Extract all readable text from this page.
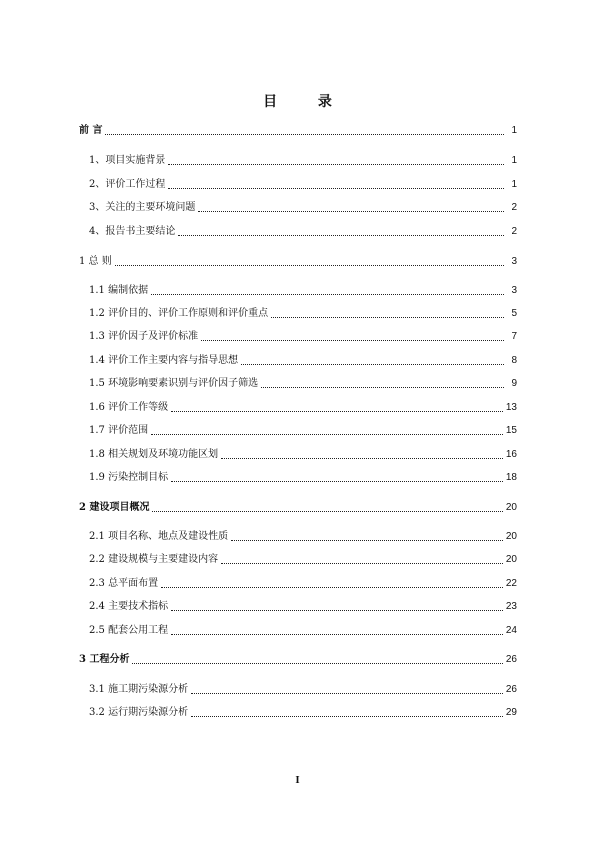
目 录
前 言	1
1、项目实施背景	1
2、评价工作过程	1
3、关注的主要环境问题	2
4、报告书主要结论	2
1 总 则	3
1.1 编制依据	3
1.2 评价目的、评价工作原则和评价重点	5
1.3 评价因子及评价标准	7
1.4 评价工作主要内容与指导思想	8
1.5 环境影响要素识别与评价因子筛选	9
1.6 评价工作等级	13
1.7 评价范围	15
1.8 相关规划及环境功能区划	16
1.9 污染控制目标	18
2 建设项目概况	20
2.1 项目名称、地点及建设性质	20
2.2 建设规模与主要建设内容	20
2.3 总平面布置	22
2.4 主要技术指标	23
2.5 配套公用工程	24
3 工程分析	26
3.1 施工期污染源分析	26
3.2 运行期污染源分析	29
I
